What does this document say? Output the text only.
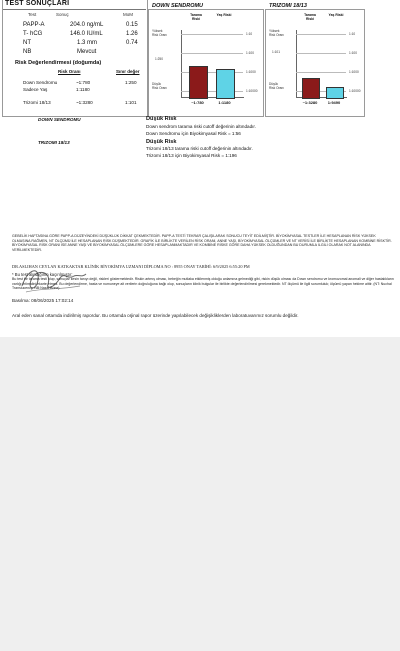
TEST SONUÇLARI
Test	Sonuç	MoM
PAPP-A	204.0 ng/mL	0.15
T- hCG	146.0 IU/mL	1.26
NT	1.3 mm	0.74
NB	Mevcut
Risk Değerlendirmesi (doğumda)
Risk Oranı	Sınır değer
Down Sendromu	~1:780	1:250
Sadece Yaş	1:1180
Trizomi 18/13	~1:3280	1:101
DOWN SENDROMU
Tarama
Riski
Yaş Riski
Yüksek
Risk Oranı
Düşük
Risk Oranı
1:250
1:10
1:100
1:1000
1:10000
~1:780	1:1180
TRIZOMI 18/13
Tarama
Riski
Yaş Riski
Yüksek
Risk Oranı
Düşük
Risk Oranı
1:101
1:10
1:100
1:1000
1:10000
~1:3280	1:9490
DOWN SENDROMU	Düşük Risk
Down sendrom tarama riski cutoff değerinin altındadır.
Down Sendromu için Biyokimyasal Risk = 1:56
TRIZOMI 18/13	Düşük Risk
Trizomi 18/13 tarama riski cutoff değerinin altındadır.
Trizomi 18/13 için Biyokimyasal Risk = 1:196
GEBELİK HAFTASINA GÖRE PAPP-A DÜZEYİNDEKİ DÜŞÜKLÜK DİKKAT ÇEKMEKTEDİR. PAPP-A TESTİ TEKRAR ÇALIŞILARAK SONUCU TEYİT EDİLMİŞTİR. BİYOKİMYASAL TESTLER İLE HESAPLANAN RİSK YÜKSEK OLMASINA RAĞMEN, NT ÖLÇÜMÜ İLE HESAPLANAN RİSK DÜŞMEKTEDİR. GRAFİK İLE BİRLİKTE VERİLEN RİSK ORANI, ANNE YAŞI, BİYOKİMYASAL ÖLÇÜMLER VE NT VERİSİ İLE BİRLİKTE HESAPLANAN KOMBİNE RİSKTİR. BİYOKİMYASAL RİSK ORANI İSE ANNE YAŞI VE BİYOKİMYASAL ÖLÇÜMLERE GÖRE HESAPLANMAKTADIR VE KOMBİNE RİSKE GÖRE DAHA YÜKSEK OLDUĞUNDAN BU DURUMLA İLGİLİ OLARAK NOT ALANINDA VERİLMEKTEDİR.
DR.ASLIHAN CEYLAN KATKAKTAR KLİNİK BİYOKİMYA UZMANI DİPLOMA NO : 8955 ONAY TARİHİ: 6/9/2025 6:55:20 PM
* Bu test alındığının kaçırılmıştır:
Bu test bir tarama testi olup, sonuçlar kesin tanıyı değil, riskleri göstermektedir. Riskin artmış olması, bebeğin mutlaka etkilenmiş olduğu anlamına gelmediği gibi, riskin düşük olması da Down sendromu ve kromozomal anomali ve diğer hastalıkların varlığı ihtimalini ekarte etmez. Bu değerlendirme, hasta ve numuneye ait verilerin doğruluğuna bağlı olup, sonuçların klinik bulgular ile birlikte değerlendirilmesi gerekmektedir. NT ölçümü ile ilgili sorumluluk; ölçümü yapan hekime aittir. (NT: Nuchal Translucency, NB:Nazal Bone)
Basılma: 08/06/2025 17:02:14
Aral eden sanal ortamda indirilmiş rapordur. Bu ortamda orjinal rapor üzerinde yapılabilecek değişikliklerden laboratuvarımız sorumlu değildir.
